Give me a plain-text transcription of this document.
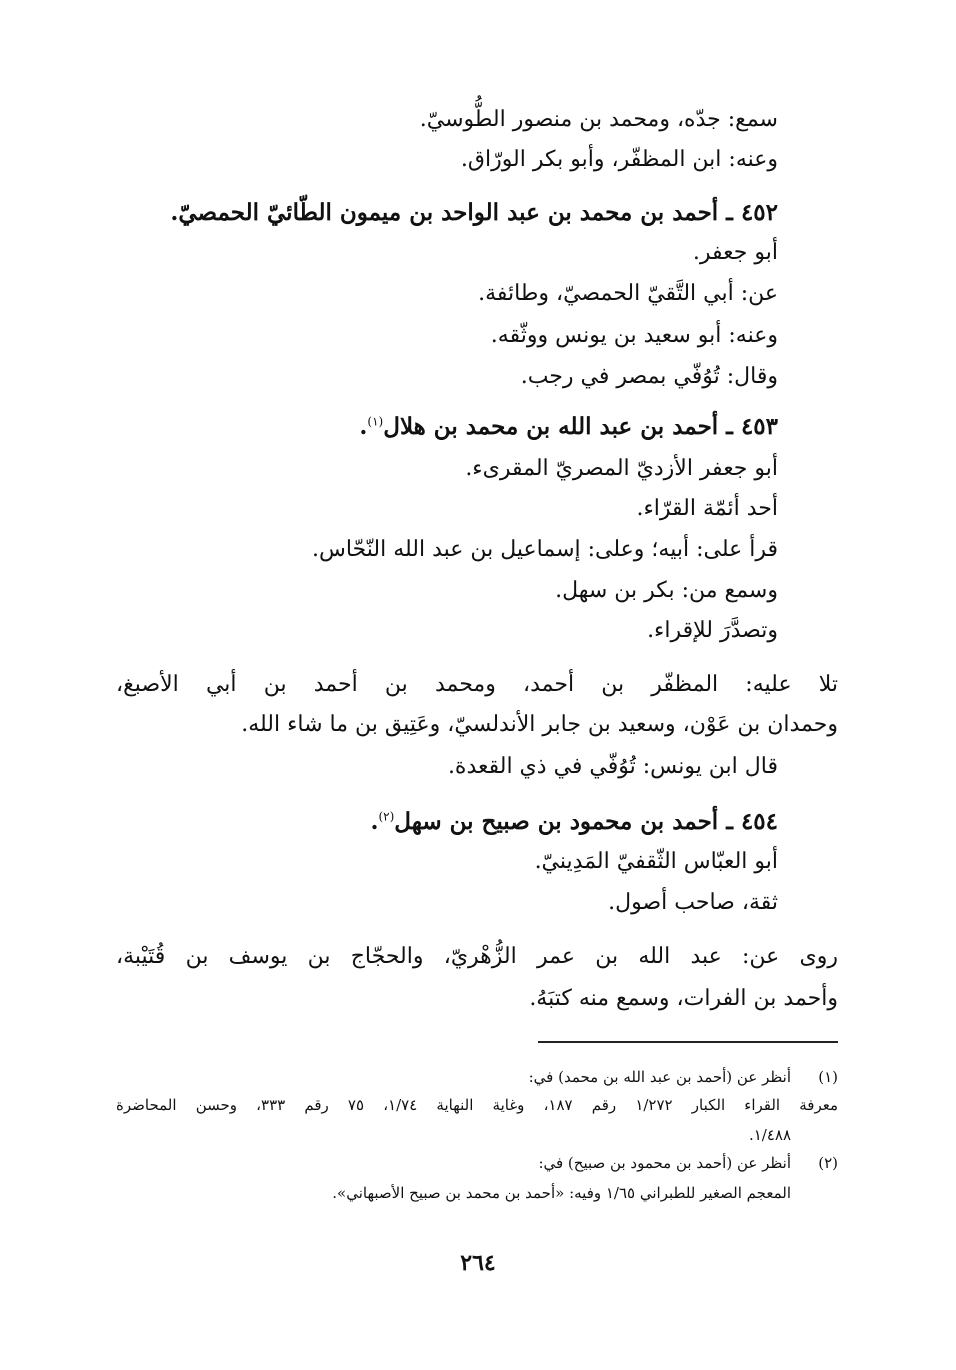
سمع: جدّه، ومحمد بن منصور الطُّوسيّ.
وعنه: ابن المظفّر، وأبو بكر الورّاق.
٤٥٢ ـ أحمد بن محمد بن عبد الواحد بن ميمون الطّائيّ الحمصيّ.
أبو جعفر.
عن: أبي التَّقيّ الحمصيّ، وطائفة.
وعنه: أبو سعيد بن يونس ووثّقه.
وقال: تُوُفّي بمصر في رجب.
٤٥٣ ـ أحمد بن عبد الله بن محمد بن هلال$^{(١)}$.
أبو جعفر الأزديّ المصريّ المقرىء.
أحد أئمّة القرّاء.
قرأ على: أبيه؛ وعلى: إسماعيل بن عبد الله النّحّاس.
وسمع من: بكر بن سهل.
وتصدَّرَ للإقراء.
تلا عليه: المظفّر بن أحمد، ومحمد بن أحمد بن أبي الأصبغ،
وحمدان بن عَوْن، وسعيد بن جابر الأندلسيّ، وعَتِيق بن ما شاء الله.
قال ابن يونس: تُوُفّي في ذي القعدة.
٤٥٤ ـ أحمد بن محمود بن صبيح بن سهل$^{(٢)}$.
أبو العبّاس الثّقفيّ المَدِينيّ.
ثقة، صاحب أصول.
روى عن: عبد الله بن عمر الزُّهْريّ، والحجّاج بن يوسف بن قُتَيْبة،
وأحمد بن الفرات، وسمع منه كتبَهُ.
(١)
أنظر عن (أحمد بن عبد الله بن محمد) في:
معرفة القراء الكبار ١/٢٧٢ رقم ١٨٧، وغاية النهاية ١/٧٤، ٧٥ رقم ٣٣٣، وحسن المحاضرة
١/٤٨٨.
(٢)
أنظر عن (أحمد بن محمود بن صبيح) في:
المعجم الصغير للطبراني ١/٦٥ وفيه: «أحمد بن محمد بن صبيح الأصبهاني».
٢٦٤
